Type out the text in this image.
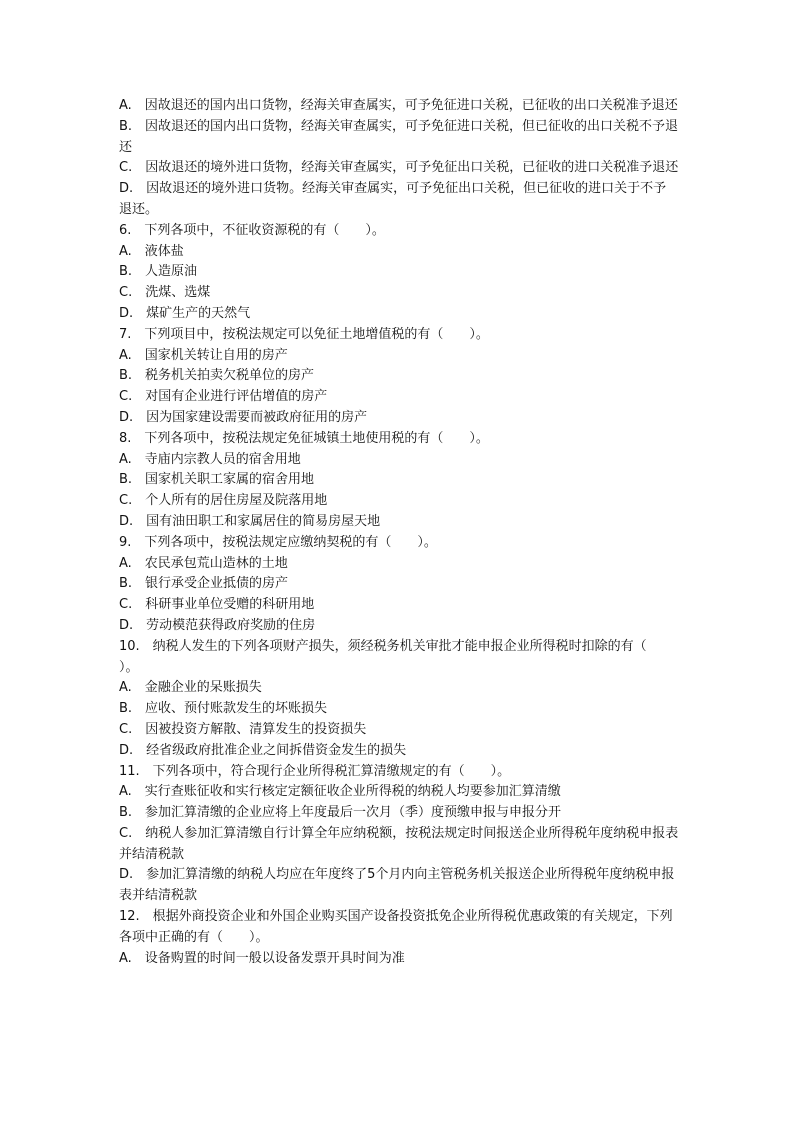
A.　因故退还的国内出口货物，经海关审查属实，可予免征进口关税，已征收的出口关税准予退还
B.　因故退还的国内出口货物，经海关审查属实，可予免征进口关税，但已征收的出口关税不予退还
C.　因故退还的境外进口货物，经海关审查属实，可予免征出口关税，已征收的进口关税准予退还
D.　因故退还的境外进口货物。经海关审查属实，可予免征出口关税，但已征收的进口关于不予退还。
6.　下列各项中，不征收资源税的有（　　）。
A.　液体盐
B.　人造原油
C.　洗煤、选煤
D.　煤矿生产的天然气
7.　下列项目中，按税法规定可以免征土地增值税的有（　　）。
A.　国家机关转让自用的房产
B.　税务机关拍卖欠税单位的房产
C.　对国有企业进行评估增值的房产
D.　因为国家建设需要而被政府征用的房产
8.　下列各项中，按税法规定免征城镇土地使用税的有（　　）。
A.　寺庙内宗教人员的宿舍用地
B.　国家机关职工家属的宿舍用地
C.　个人所有的居住房屋及院落用地
D.　国有油田职工和家属居住的简易房屋天地
9.　下列各项中，按税法规定应缴纳契税的有（　　）。
A.　农民承包荒山造林的土地
B.　银行承受企业抵债的房产
C.　科研事业单位受赠的科研用地
D.　劳动模范获得政府奖励的住房
10.　纳税人发生的下列各项财产损失，须经税务机关审批才能申报企业所得税时扣除的有（　　）。
A.　金融企业的呆账损失
B.　应收、预付账款发生的坏账损失
C.　因被投资方解散、清算发生的投资损失
D.　经省级政府批准企业之间拆借资金发生的损失
11.　下列各项中，符合现行企业所得税汇算清缴规定的有（　　）。
A.　实行查账征收和实行核定定额征收企业所得税的纳税人均要参加汇算清缴
B.　参加汇算清缴的企业应将上年度最后一次月（季）度预缴申报与申报分开
C.　纳税人参加汇算清缴自行计算全年应纳税额，按税法规定时间报送企业所得税年度纳税申报表并结清税款
D.　参加汇算清缴的纳税人均应在年度终了5个月内向主管税务机关报送企业所得税年度纳税申报表并结清税款
12.　根据外商投资企业和外国企业购买国产设备投资抵免企业所得税优惠政策的有关规定，下列各项中正确的有（　　）。
A.　设备购置的时间一般以设备发票开具时间为准
